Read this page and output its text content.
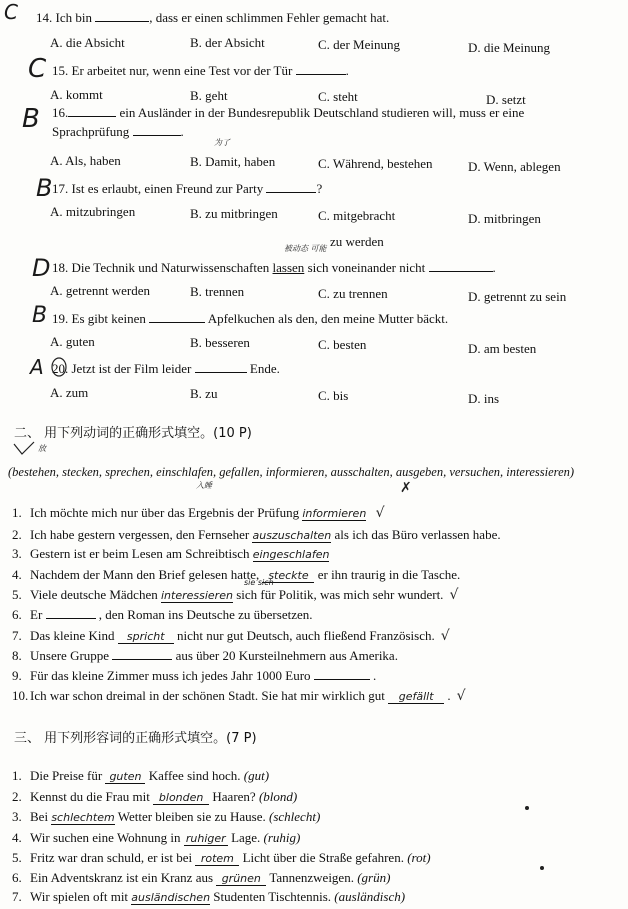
C 14. Ich bin	, dass er einen schlimmen Fehler gemacht hat.
A. die Absicht	B. der Absicht	C. der Meinung	D. die Meinung
C 15. Er arbeitet nur, wenn eine Test vor der Tür	.
A. kommt	B. geht	C. steht	D. setzt
B 16.	ein Ausländer in der Bundesrepublik Deutschland studieren will, muss er eine
Sprachprüfung	.
为了
A. Als, haben	B. Damit, haben	C. Während, bestehen	D. Wenn, ablegen
B 17. Ist es erlaubt, einen Freund zur Party	?
A. mitzubringen	B. zu mitbringen	C. mitgebracht	D. mitbringen
zu werden
D
被动态 可能
18. Die Technik und Naturwissenschaften lassen sich voneinander nicht	.
A. getrennt werden	B. trennen	C. zu trennen	D. getrennt zu sein
B 19. Es gibt keinen	Apfelkuchen als den, den meine Mutter bäckt.
A. guten	B. besseren	C. besten	D. am besten
A 20. Jetzt ist der Film leider	Ende.
A. zum	B. zu	C. bis	D. ins
二、 用下列动词的正确形式填空。(10 P)
放
(bestehen, stecken, sprechen, einschlafen, gefallen, informieren, ausschalten, ausgeben, versuchen, interessieren)
入睡	✗
1. Ich möchte mich nur über das Ergebnis der Prüfung informieren √
2. Ich habe gestern vergessen, den Fernseher auszuschalten als ich das Büro verlassen habe.
3. Gestern ist er beim Lesen am Schreibtisch eingeschlafen
4. Nachdem der Mann den Brief gelesen hatte, steckte er ihn traurig in die Tasche.
5. Viele deutsche Mädchen interessieren sich für Politik, was mich sehr wundert. √
6. Er	, den Roman ins Deutsche zu übersetzen.
7. Das kleine Kind spricht nicht nur gut Deutsch, auch fließend Französisch. √
8. Unsere Gruppe	aus über 20 Kursteilnehmern aus Amerika.
9. Für das kleine Zimmer muss ich jedes Jahr 1000 Euro	.
10. Ich war schon dreimal in der schönen Stadt. Sie hat mir wirklich gut gefällt . √
sie sich
三、 用下列形容词的正确形式填空。(7 P)
1. Die Preise für guten Kaffee sind hoch. (gut)
2. Kennst du die Frau mit blonden Haaren? (blond)
3. Bei schlechtem Wetter bleiben sie zu Hause. (schlecht)
4. Wir suchen eine Wohnung in ruhiger Lage. (ruhig)
5. Fritz war dran schuld, er ist bei rotem Licht über die Straße gefahren. (rot)
6. Ein Adventskranz ist ein Kranz aus grünen Tannenzweigen. (grün)
7. Wir spielen oft mit ausländischen Studenten Tischtennis. (ausländisch)
